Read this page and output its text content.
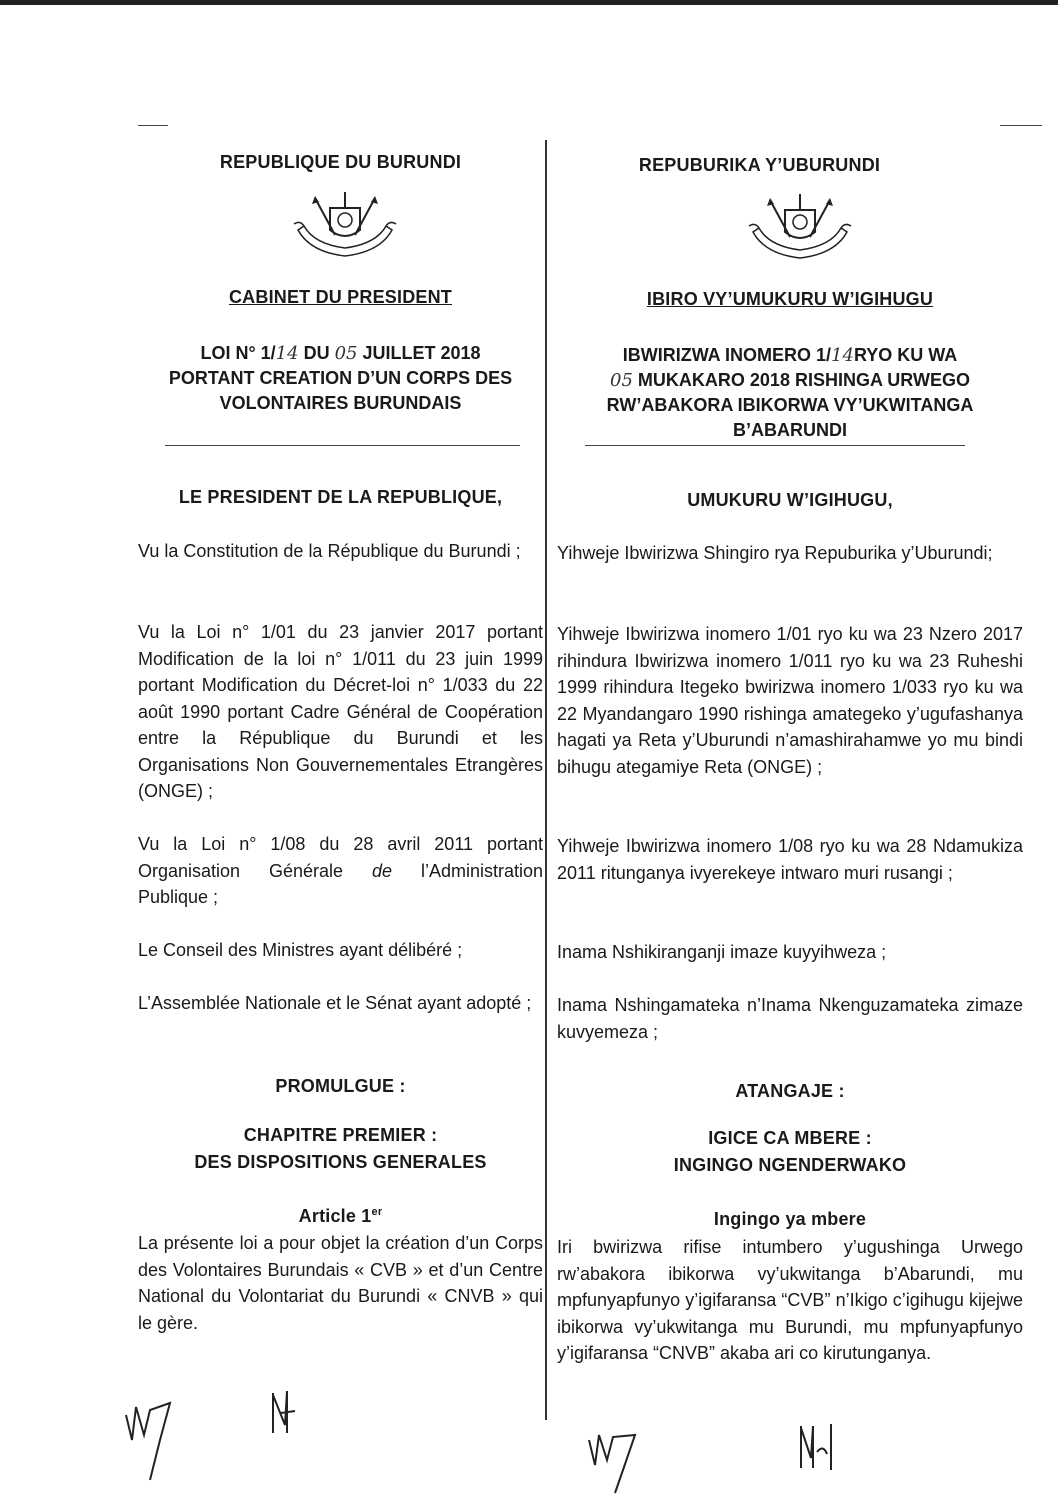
REPUBLIQUE DU BURUNDI
CABINET DU PRESIDENT
LOI N° 1/14 DU 05 JUILLET 2018
PORTANT CREATION D’UN CORPS DES
VOLONTAIRES BURUNDAIS
LE PRESIDENT DE LA REPUBLIQUE,
Vu la Constitution de la République du Burundi ;
Vu la Loi n° 1/01 du 23 janvier 2017 portant Modification de la loi n° 1/011 du 23 juin 1999 portant Modification du Décret-loi n° 1/033 du 22 août 1990 portant Cadre Général de Coopération entre la République du Burundi et les Organisations Non Gouvernementales Etrangères (ONGE) ;
Vu la Loi n° 1/08 du 28 avril 2011 portant Organisation Générale de l’Administration Publique ;
Le Conseil des Ministres ayant délibéré ;
L’Assemblée Nationale et le Sénat ayant adopté ;
PROMULGUE :
CHAPITRE PREMIER :
DES DISPOSITIONS GENERALES
Article 1er
La présente loi a pour objet la création d’un Corps des Volontaires Burundais « CVB » et d’un Centre National du Volontariat du Burundi « CNVB » qui le gère.
REPUBURIKA Y’UBURUNDI
IBIRO VY’UMUKURU W’IGIHUGU
IBWIRIZWA INOMERO 1/14RYO KU WA
05 MUKAKARO 2018 RISHINGA URWEGO
RW’ABAKORA IBIKORWA VY’UKWITANGA
B’ABARUNDI
UMUKURU W’IGIHUGU,
Yihweje Ibwirizwa Shingiro rya Repuburika y’Uburundi;
Yihweje Ibwirizwa inomero 1/01 ryo ku wa 23 Nzero 2017 rihindura Ibwirizwa inomero 1/011 ryo ku wa 23 Ruheshi 1999 rihindura Itegeko bwirizwa inomero 1/033 ryo ku wa 22 Myandangaro 1990 rishinga amategeko y’ugufashanya hagati ya Reta y’Uburundi n’amashirahamwe yo mu bindi bihugu ategamiye Reta (ONGE) ;
Yihweje Ibwirizwa inomero 1/08 ryo ku wa 28 Ndamukiza 2011 ritunganya ivyerekeye intwaro muri rusangi ;
Inama Nshikiranganji imaze kuyyihweza ;
Inama Nshingamateka n’Inama Nkenguzamateka zimaze kuvyemeza ;
ATANGAJE :
IGICE CA MBERE :
INGINGO NGENDERWAKO
Ingingo ya mbere
Iri bwirizwa rifise intumbero y’ugushinga Urwego rw’abakora ibikorwa vy’ukwitanga b’Abarundi, mu mpfunyapfunyo y’igifaransa “CVB” n’Ikigo c’igihugu kijejwe ibikorwa vy’ukwitanga mu Burundi, mu mpfunyapfunyo y’igifaransa “CNVB” akaba ari co kirutunganya.
